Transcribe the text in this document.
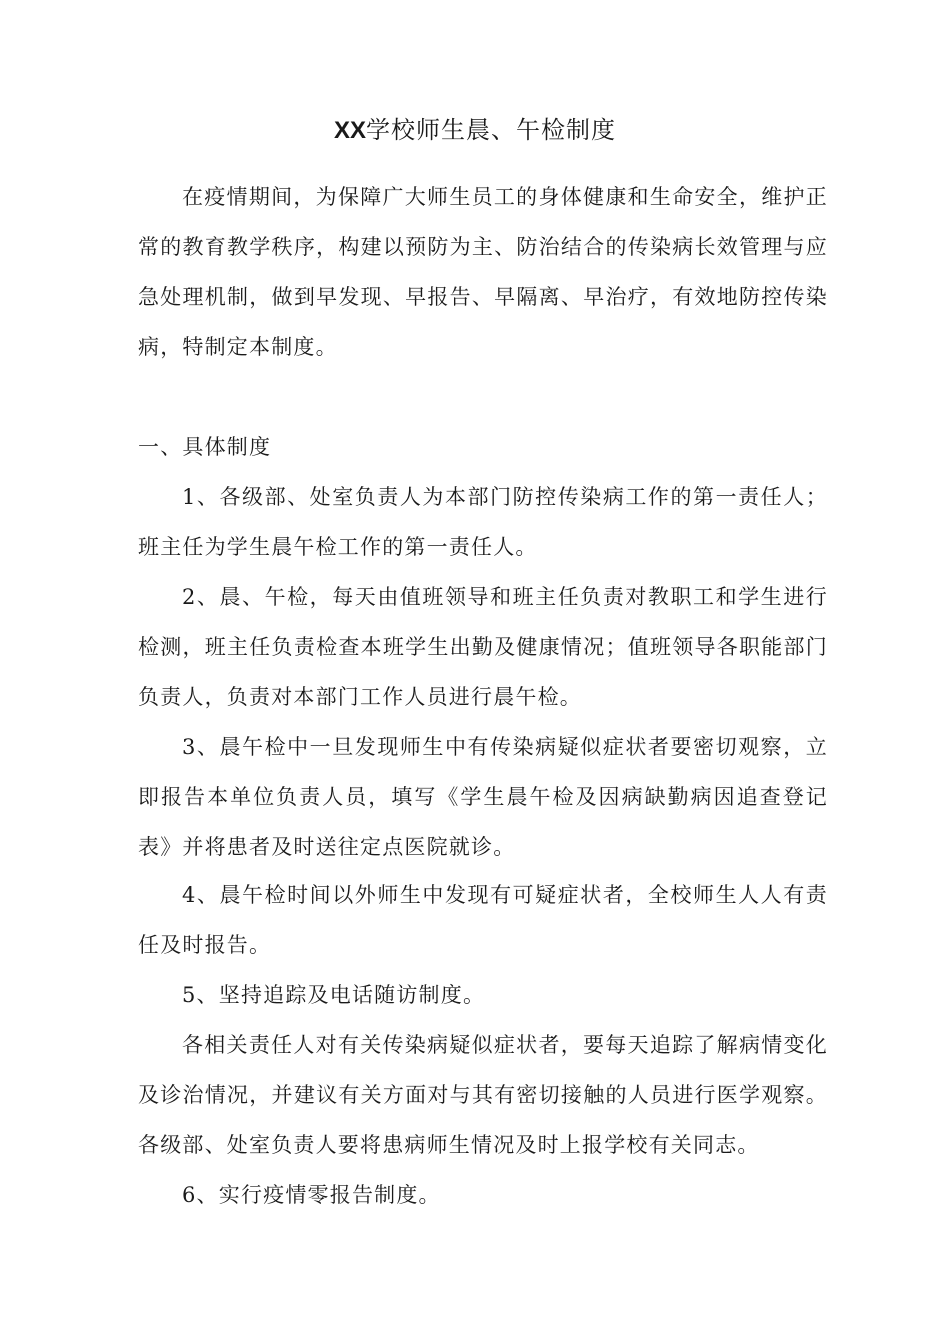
XX学校师生晨、午检制度

在疫情期间，为保障广大师生员工的身体健康和生命安全，维护正常的教育教学秩序，构建以预防为主、防治结合的传染病长效管理与应急处理机制，做到早发现、早报告、早隔离、早治疗，有效地防控传染病，特制定本制度。

一、具体制度

1、各级部、处室负责人为本部门防控传染病工作的第一责任人；班主任为学生晨午检工作的第一责任人。

2、晨、午检，每天由值班领导和班主任负责对教职工和学生进行检测，班主任负责检查本班学生出勤及健康情况；值班领导各职能部门负责人，负责对本部门工作人员进行晨午检。

3、晨午检中一旦发现师生中有传染病疑似症状者要密切观察，立即报告本单位负责人员，填写《学生晨午检及因病缺勤病因追查登记表》并将患者及时送往定点医院就诊。

4、晨午检时间以外师生中发现有可疑症状者，全校师生人人有责任及时报告。

5、坚持追踪及电话随访制度。

各相关责任人对有关传染病疑似症状者，要每天追踪了解病情变化及诊治情况，并建议有关方面对与其有密切接触的人员进行医学观察。各级部、处室负责人要将患病师生情况及时上报学校有关同志。

6、实行疫情零报告制度。
